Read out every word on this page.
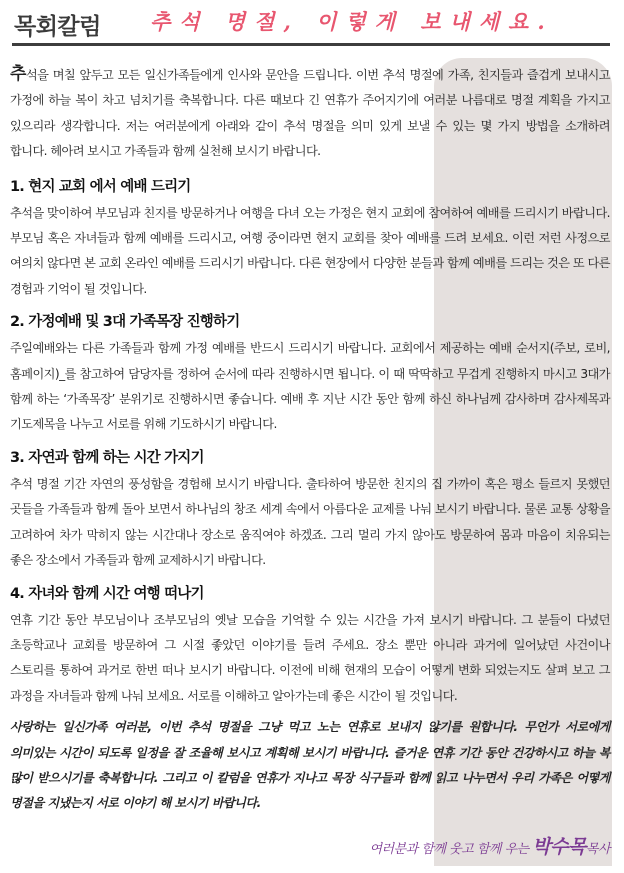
목회칼럼 추석 명절, 이렇게 보내세요.

추석을 며칠 앞두고 모든 일신가족들에게 인사와 문안을 드립니다. 이번 추석 명절에 가족, 친지들과 즐겁게 보내시고 가정에 하늘 복이 차고 넘치기를 축복합니다. 다른 때보다 긴 연휴가 주어지기에 여러분 나름대로 명절 계획을 가지고 있으리라 생각합니다. 저는 여러분에게 아래와 같이 추석 명절을 의미 있게 보낼 수 있는 몇 가지 방법을 소개하려 합니다. 헤아려 보시고 가족들과 함께 실천해 보시기 바랍니다.

1. 현지 교회 에서 예배 드리기

추석을 맞이하여 부모님과 친지를 방문하거나 여행을 다녀 오는 가정은 현지 교회에 참여하여 예배를 드리시기 바랍니다. 부모님 혹은 자녀들과 함께 예배를 드리시고, 여행 중이라면 현지 교회를 찾아 예배를 드려 보세요. 이런 저런 사정으로 여의치 않다면 본 교회 온라인 예배를 드리시기 바랍니다. 다른 현장에서 다양한 분들과 함께 예배를 드리는 것은 또 다른 경험과 기억이 될 것입니다.

2. 가정예배 및 3대 가족목장 진행하기

주일예배와는 다른 가족들과 함께 가정 예배를 반드시 드리시기 바랍니다. 교회에서 제공하는 예배 순서지(주보, 로비, 홈페이지)_를 참고하여 담당자를 정하여 순서에 따라 진행하시면 됩니다. 이 때 딱딱하고 무겁게 진행하지 마시고 3대가 함께 하는 ‘가족목장’ 분위기로 진행하시면 좋습니다. 예배 후 지난 시간 동안 함께 하신 하나님께 감사하며 감사제목과 기도제목을 나누고 서로를 위해 기도하시기 바랍니다.

3. 자연과 함께 하는 시간 가지기

추석 명절 기간 자연의 풍성함을 경험해 보시기 바랍니다. 출타하여 방문한 친지의 집 가까이 혹은 평소 들르지 못했던 곳들을 가족들과 함께 돌아 보면서 하나님의 창조 세계 속에서 아름다운 교제를 나눠 보시기 바랍니다. 물론 교통 상황을 고려하여 차가 막히지 않는 시간대나 장소로 움직여야 하겠죠. 그리 멀리 가지 않아도 방문하여 몸과 마음이 치유되는 좋은 장소에서 가족들과 함께 교제하시기 바랍니다.

4. 자녀와 함께 시간 여행 떠나기

연휴 기간 동안 부모님이나 조부모님의 옛날 모습을 기억할 수 있는 시간을 가져 보시기 바랍니다. 그 분들이 다녔던 초등학교나 교회를 방문하여 그 시절 좋았던 이야기를 들려 주세요. 장소 뿐만 아니라 과거에 일어났던 사건이나 스토리를 통하여 과거로 한번 떠나 보시기 바랍니다. 이전에 비해 현재의 모습이 어떻게 변화 되었는지도 살펴 보고 그 과정을 자녀들과 함께 나눠 보세요. 서로를 이해하고 알아가는데 좋은 시간이 될 것입니다.

사랑하는 일신가족 여러분, 이번 추석 명절을 그냥 먹고 노는 연휴로 보내지 않기를 원합니다. 무언가 서로에게 의미있는 시간이 되도록 일정을 잘 조율해 보시고 계획해 보시기 바랍니다. 즐거운 연휴 기간 동안 건강하시고 하늘 복 많이 받으시기를 축복합니다. 그리고 이 칼럼을 연휴가 지나고 목장 식구들과 함께 읽고 나누면서 우리 가족은 어떻게 명절을 지냈는지 서로 이야기 해 보시기 바랍니다.

여러분과 함께 웃고 함께 우는 박수목목사
